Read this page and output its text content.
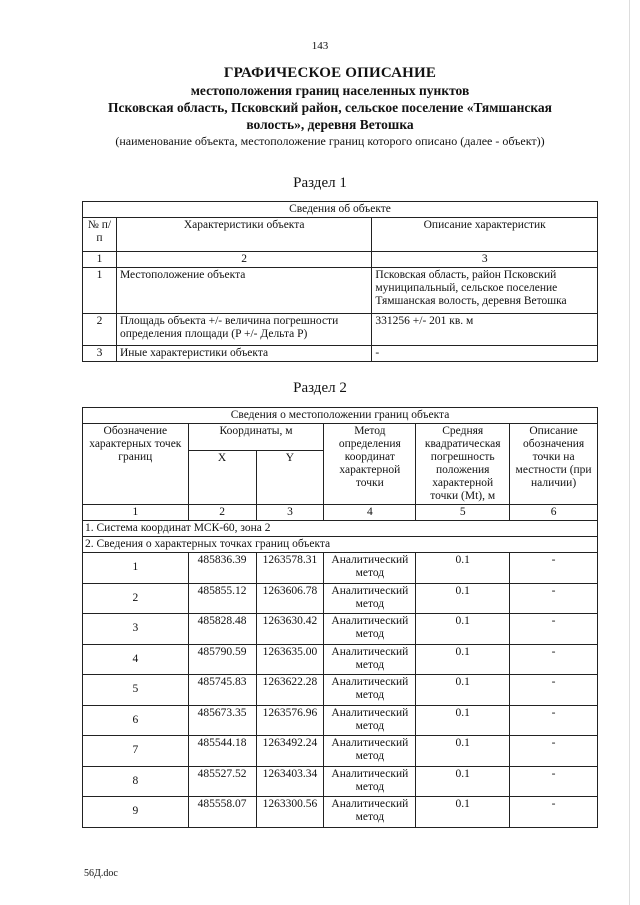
143
ГРАФИЧЕСКОЕ ОПИСАНИЕ
местоположения границ населенных пунктов
Псковская область, Псковский район, сельское поселение «Тямшанская
волость», деревня Ветошка
(наименование объекта, местоположение границ которого описано (далее - объект))
Раздел 1
Сведения об объекте		
№ п/п	Характеристики объекта	Описание характеристик
1	2	3
1	Местоположение объекта	Псковская область, район Псковский муниципальный, сельское поселение Тямшанская волость, деревня Ветошка
2	Площадь объекта +/- величина погрешности определения площади (P +/- Дельта P)	331256 +/- 201 кв. м
3	Иные характеристики объекта	-
Раздел 2
Сведения о местоположении границ объекта					
Обозначение характерных точек границ	Координаты, м		Метод определения координат характерной точки	Средняя квадратическая погрешность положения характерной точки (Mt), м	Описание обозначения точки на местности (при наличии)
	X	Y			
1	2	3	4	5	6
1. Система координат МСК-60, зона 2					
2. Сведения о характерных точках границ объекта					
1	485836.39	1263578.31	Аналитический метод	0.1	-
2	485855.12	1263606.78	Аналитический метод	0.1	-
3	485828.48	1263630.42	Аналитический метод	0.1	-
4	485790.59	1263635.00	Аналитический метод	0.1	-
5	485745.83	1263622.28	Аналитический метод	0.1	-
6	485673.35	1263576.96	Аналитический метод	0.1	-
7	485544.18	1263492.24	Аналитический метод	0.1	-
8	485527.52	1263403.34	Аналитический метод	0.1	-
9	485558.07	1263300.56	Аналитический метод	0.1	-
56Д.doc
